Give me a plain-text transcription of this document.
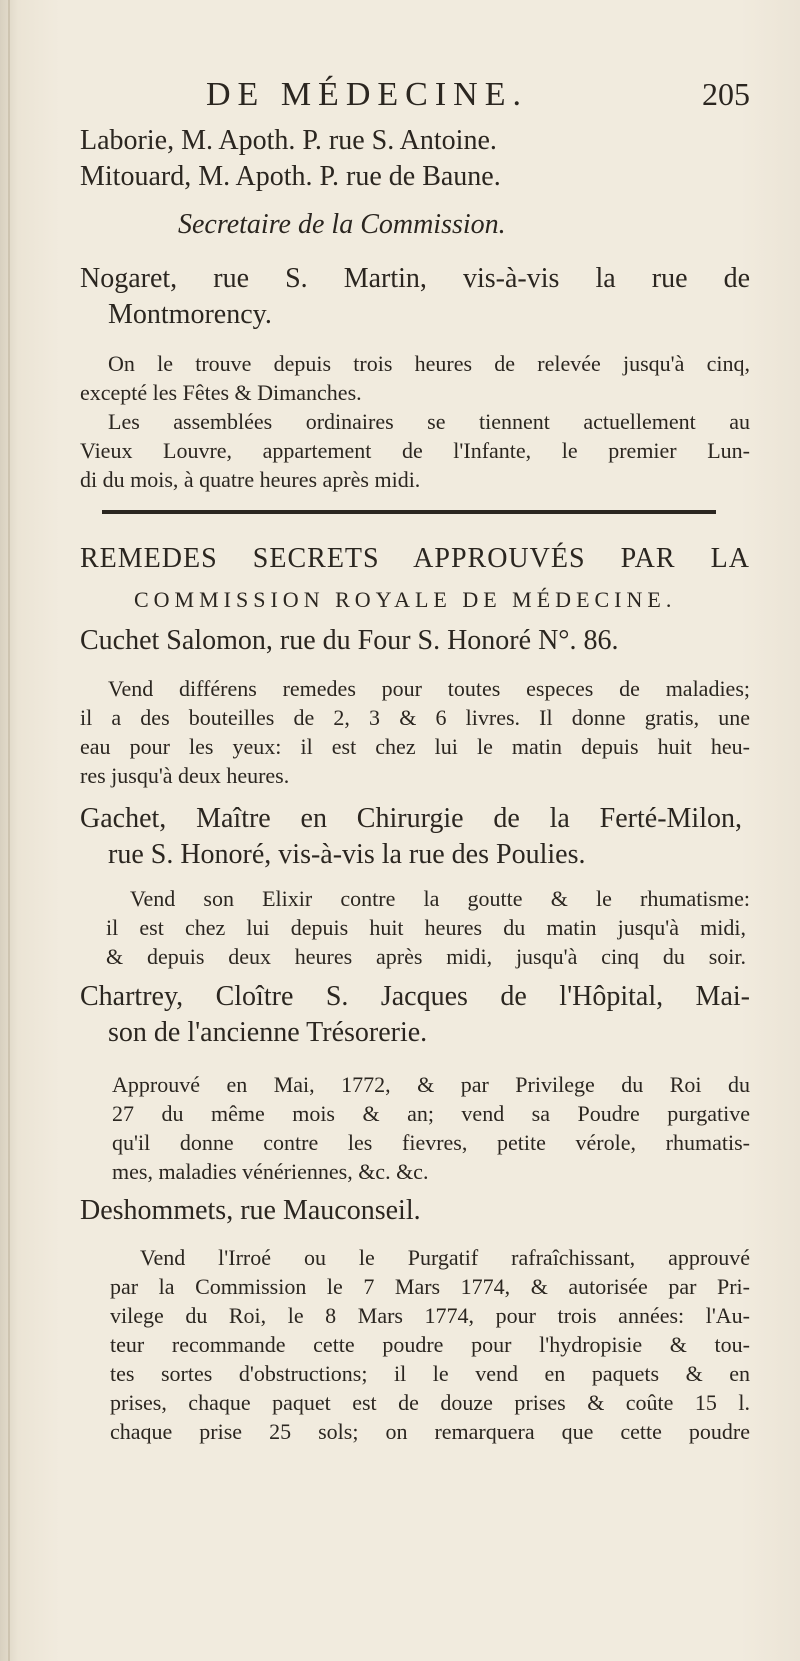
DE MÉDECINE.	205
Laborie, M. Apoth. P. rue S. Antoine.
Mitouard, M. Apoth. P. rue de Baune.
Secretaire de la Commission.
Nogaret, rue S. Martin, vis-à-vis la rue de
Montmorency.
On le trouve depuis trois heures de relevée jusqu'à cinq,
excepté les Fêtes & Dimanches.
Les assemblées ordinaires se tiennent actuellement au
Vieux Louvre, appartement de l'Infante, le premier Lun-
di du mois, à quatre heures après midi.
REMEDES SECRETS APPROUVÉS PAR LA
COMMISSION ROYALE DE MÉDECINE.
Cuchet Salomon, rue du Four S. Honoré N°. 86.
Vend différens remedes pour toutes especes de maladies;
il a des bouteilles de 2, 3 & 6 livres. Il donne gratis, une
eau pour les yeux: il est chez lui le matin depuis huit heu-
res jusqu'à deux heures.
Gachet, Maître en Chirurgie de la Ferté-Milon,
rue S. Honoré, vis-à-vis la rue des Poulies.
Vend son Elixir contre la goutte & le rhumatisme:
il est chez lui depuis huit heures du matin jusqu'à midi,
& depuis deux heures après midi, jusqu'à cinq du soir.
Chartrey, Cloître S. Jacques de l'Hôpital, Mai-
son de l'ancienne Trésorerie.
Approuvé en Mai, 1772, & par Privilege du Roi du
27 du même mois & an; vend sa Poudre purgative
qu'il donne contre les fievres, petite vérole, rhumatis-
mes, maladies vénériennes, &c. &c.
Deshommets, rue Mauconseil.
Vend l'Irroé ou le Purgatif rafraîchissant, approuvé
par la Commission le 7 Mars 1774, & autorisée par Pri-
vilege du Roi, le 8 Mars 1774, pour trois années: l'Au-
teur recommande cette poudre pour l'hydropisie & tou-
tes sortes d'obstructions; il le vend en paquets & en
prises, chaque paquet est de douze prises & coûte 15 l.
chaque prise 25 sols; on remarquera que cette poudre
